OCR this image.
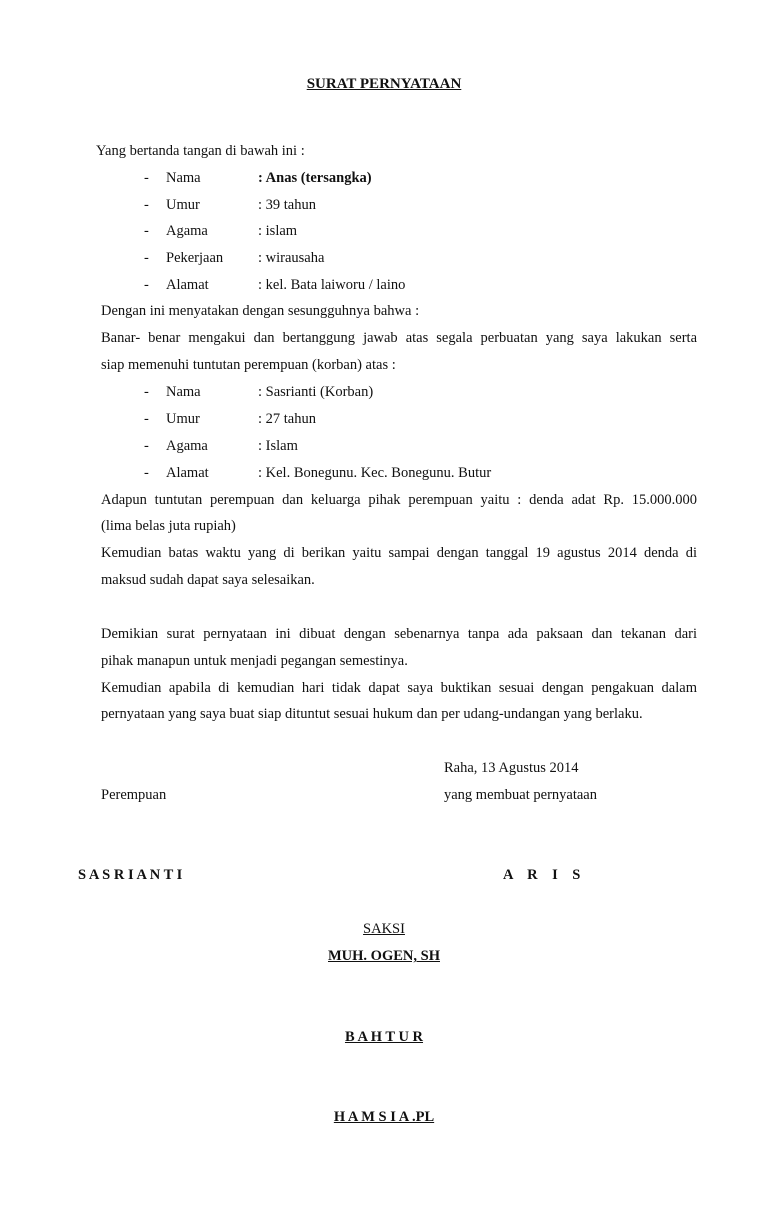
SURAT PERNYATAAN
Yang bertanda tangan di bawah ini :
- Nama	: Anas (tersangka)
- Umur	: 39 tahun
- Agama	: islam
- Pekerjaan : wirausaha
- Alamat	: kel. Bata laiworu / laino
Dengan ini menyatakan dengan sesungguhnya bahwa :
Banar- benar mengakui dan bertanggung jawab atas segala perbuatan yang saya lakukan serta
siap memenuhi tuntutan perempuan (korban) atas :
- Nama	: Sasrianti (Korban)
- Umur	: 27 tahun
- Agama	: Islam
- Alamat	: Kel. Bonegunu. Kec. Bonegunu. Butur
Adapun tuntutan perempuan dan keluarga pihak perempuan yaitu : denda adat Rp. 15.000.000
(lima belas juta rupiah)
Kemudian batas waktu yang di berikan yaitu sampai dengan tanggal 19 agustus 2014 denda di
maksud sudah dapat saya selesaikan.
Demikian surat pernyataan ini dibuat dengan sebenarnya tanpa ada paksaan dan tekanan dari
pihak manapun untuk menjadi pegangan semestinya.
Kemudian apabila di kemudian hari tidak dapat saya buktikan sesuai dengan pengakuan dalam
pernyataan yang saya buat siap dituntut sesuai hukum dan per udang-undangan yang berlaku.
Raha, 13 Agustus 2014
Perempuan	yang membuat pernyataan
S A S R I A N T I	A    R    I    S
SAKSI
MUH. OGEN, SH
B A H T U R
H A M S I A .PL
